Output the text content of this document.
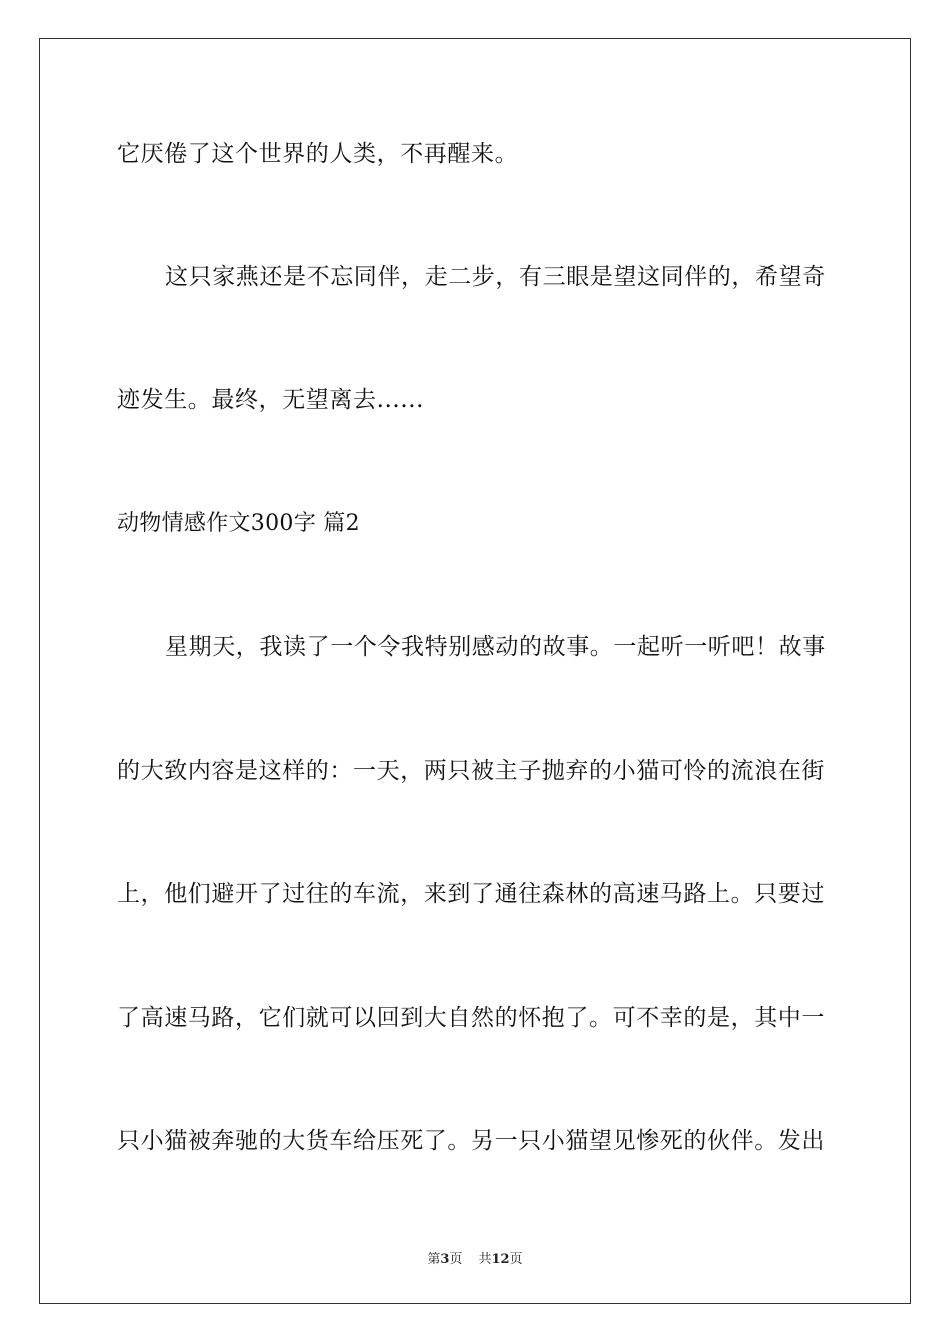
它厌倦了这个世界的人类，不再醒来。
这只家燕还是不忘同伴，走二步，有三眼是望这同伴的，希望奇
迹发生。最终，无望离去......
动物情感作文300字 篇2
星期天，我读了一个令我特别感动的故事。一起听一听吧！故事
的大致内容是这样的：一天，两只被主子抛弃的小猫可怜的流浪在街
上，他们避开了过往的车流，来到了通往森林的高速马路上。只要过
了高速马路，它们就可以回到大自然的怀抱了。可不幸的是，其中一
只小猫被奔驰的大货车给压死了。另一只小猫望见惨死的伙伴。发出
第3页 共12页
